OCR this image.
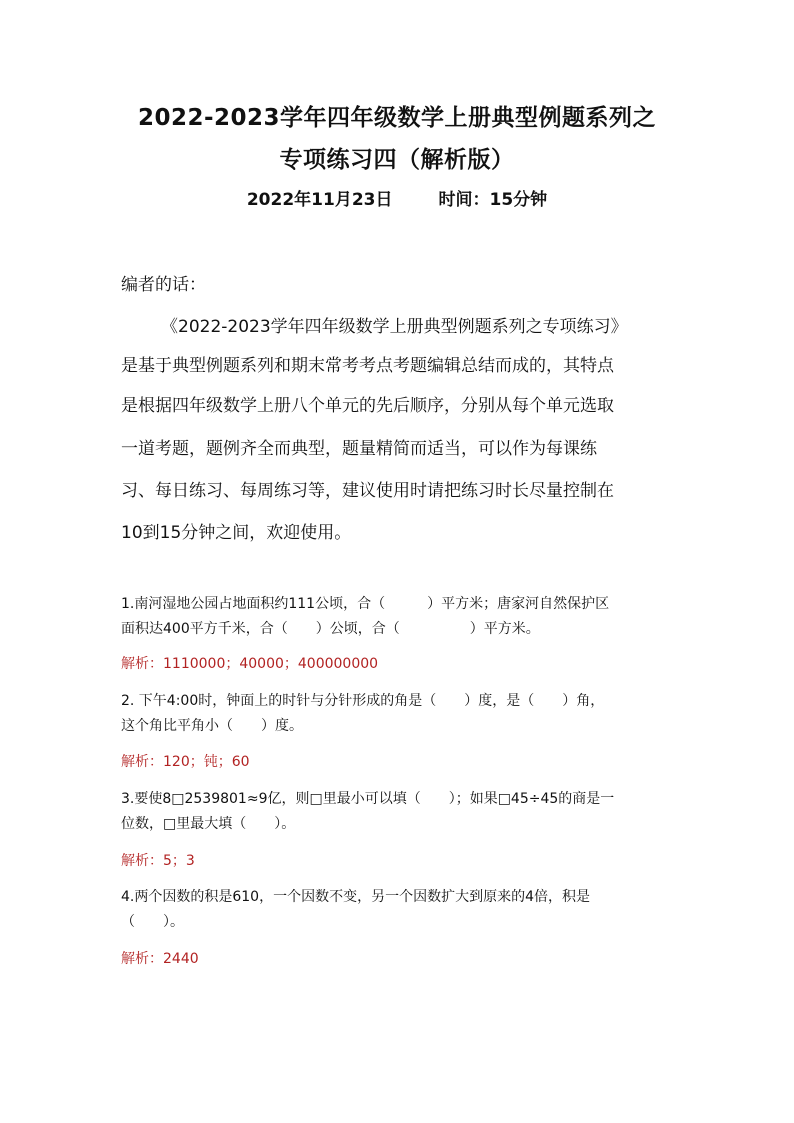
2022-2023学年四年级数学上册典型例题系列之
专项练习四（解析版）
2022年11月23日	时间：15分钟
编者的话：
《2022-2023学年四年级数学上册典型例题系列之专项练习》
是基于典型例题系列和期末常考考点考题编辑总结而成的，其特点
是根据四年级数学上册八个单元的先后顺序，分别从每个单元选取
一道考题，题例齐全而典型，题量精简而适当，可以作为每课练
习、每日练习、每周练习等，建议使用时请把练习时长尽量控制在
10到15分钟之间，欢迎使用。
1.南河湿地公园占地面积约111公顷，合（　　　）平方米；唐家河自然保护区
面积达400平方千米，合（　　）公顷，合（　　　　　）平方米。
解析：1110000；40000；400000000
2. 下午4:00时，钟面上的时针与分针形成的角是（　　）度，是（　　）角，
这个角比平角小（　　）度。
解析：120；钝；60
3.要使8□2539801≈9亿，则□里最小可以填（　　）；如果□45÷45的商是一
位数，□里最大填（　　）。
解析：5；3
4.两个因数的积是610，一个因数不变，另一个因数扩大到原来的4倍，积是
（　　）。
解析：2440
